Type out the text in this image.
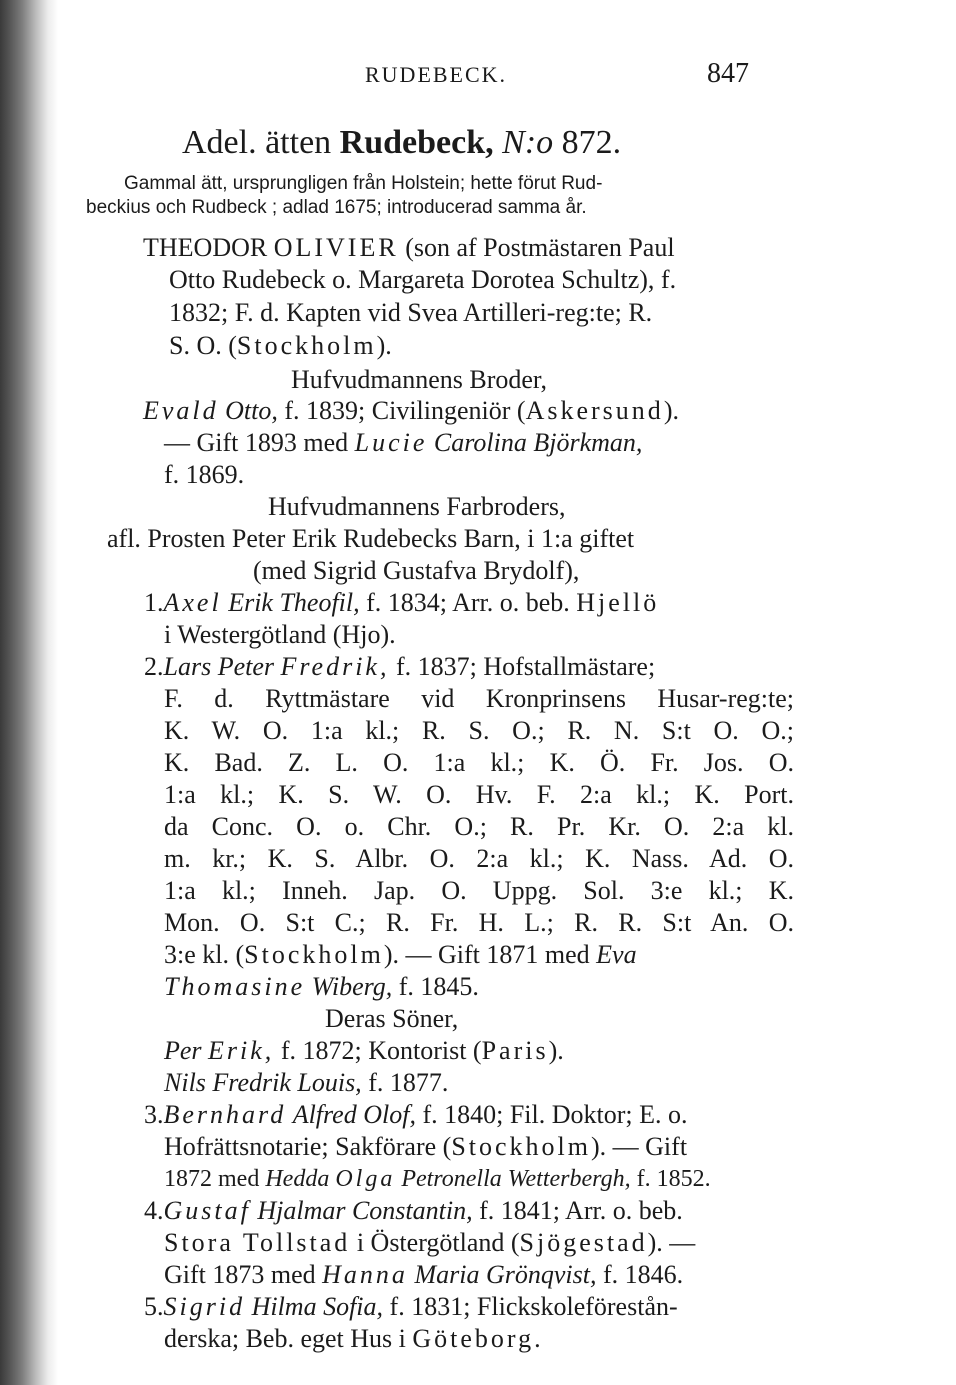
RUDEBECK.	847
Adel. ätten Rudebeck, N:o 872.
Gammal ätt, ursprungligen från Holstein; hette förut Rud-
beckius och Rudbeck ; adlad 1675; introducerad samma år.
THEODOR OLIVIER (son af Postmästaren Paul
Otto Rudebeck o. Margareta Dorotea Schultz), f.
1832; F. d. Kapten vid Svea Artilleri-reg:te; R.
S. O. (Stockholm).
Hufvudmannens Broder,
Evald Otto, f. 1839; Civilingeniör (Askersund).
— Gift 1893 med Lucie Carolina Björkman,
f. 1869.
Hufvudmannens Farbroders,
afl. Prosten Peter Erik Rudebecks Barn, i 1:a giftet
(med Sigrid Gustafva Brydolf),
1.Axel Erik Theofil, f. 1834; Arr. o. beb. Hjellö
i Westergötland (Hjo).
2.Lars Peter Fredrik, f. 1837; Hofstallmästare;
F. d. Ryttmästare vid Kronprinsens Husar-reg:te;
K. W. O. 1:a kl.; R. S. O.; R. N. S:t O. O.;
K. Bad. Z. L. O. 1:a kl.; K. Ö. Fr. Jos. O.
1:a kl.; K. S. W. O. Hv. F. 2:a kl.; K. Port.
da Conc. O. o. Chr. O.; R. Pr. Kr. O. 2:a kl.
m. kr.; K. S. Albr. O. 2:a kl.; K. Nass. Ad. O.
1:a kl.; Inneh. Jap. O. Uppg. Sol. 3:e kl.; K.
Mon. O. S:t C.; R. Fr. H. L.; R. R. S:t An. O.
3:e kl. (Stockholm). — Gift 1871 med Eva
Thomasine Wiberg, f. 1845.
Deras Söner,
Per Erik, f. 1872; Kontorist (Paris).
Nils Fredrik Louis, f. 1877.
3.Bernhard Alfred Olof, f. 1840; Fil. Doktor; E. o.
Hofrättsnotarie; Sakförare (Stockholm). — Gift
1872 med Hedda Olga Petronella Wetterbergh, f. 1852.
4.Gustaf Hjalmar Constantin, f. 1841; Arr. o. beb.
Stora Tollstad i Östergötland (Sjögestad). —
Gift 1873 med Hanna Maria Grönqvist, f. 1846.
5.Sigrid Hilma Sofia, f. 1831; Flickskoleförestån-
derska; Beb. eget Hus i Göteborg.
